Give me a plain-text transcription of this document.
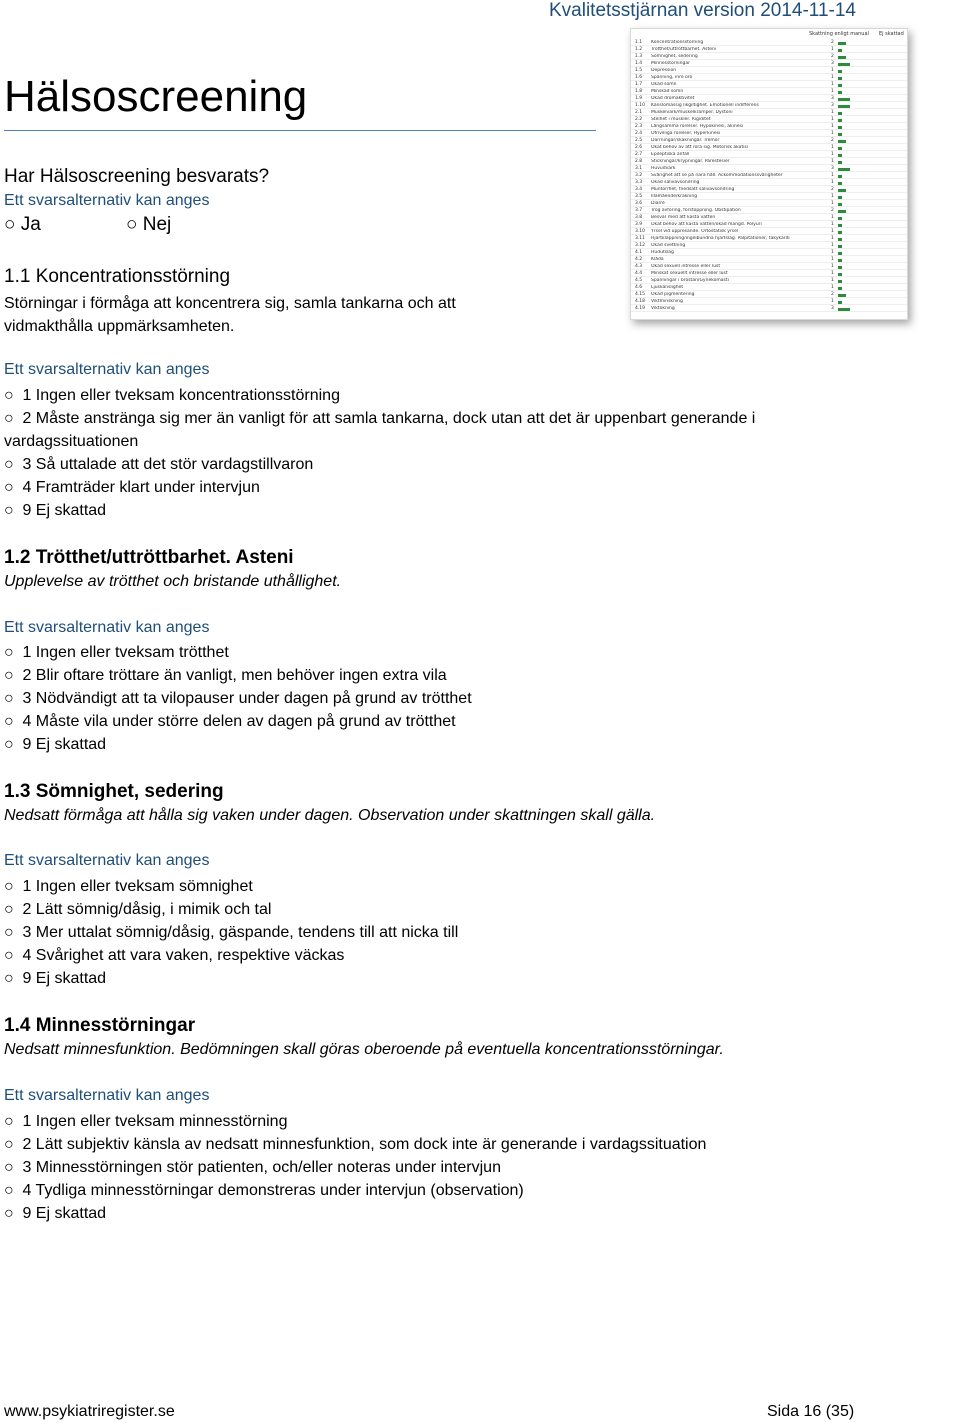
Kvalitetsstjärnan version 2014-11-14
Hälsoscreening
Har Hälsoscreening besvarats?
Ett svarsalternativ kan anges
○ Ja	○ Nej
Skattning enligt manual Ej skattad
1.1 Koncentrationsstörning	2
1.2 Trötthet/uttröttbarhet. Asteni	1
1.3 Sömnighet, sedering	2
1.4 Minnesstörningar	3
1.5 Depression	1
1.6 Spänning, inre oro	1
1.7 Ökad sömn	1
1.8 Minskad sömn	1
1.9 Ökad drömaktivitet	3
1.10 Känslomässig likgiltighet. Emotionell indifferens	3
2.1 Muskelvärk/muskelkramper. Dystoni	1
2.2 Stelhet i muskler. Rigiditet	1
2.3 Långsamma rörelser. Hypokinesi, akinesi	1
2.4 Ofrivilliga rörelser. Hyperkinesi	1
2.5 Darrningar/skakningar. Tremor	2
2.6 Ökat behov av att röra sig. Motorisk akatisi	1
2.7 Epileptiska anfall	1
2.8 Stickningar/krypningar. Parestesier	1
3.1 Huvudvärk	3
3.2 Svårighet att se på nära håll. Ackommodationssvårigheter	1
3.3 Ökad salivavsöndring	1
3.4 Muntorrhet, fnedsatt salivavsöndring	2
3.5 Illamående/kräkning	1
3.6 Diarré	1
3.7 Trög avföring, förstoppning. Obstipation	2
3.8 Besvär med att kasta vatten	1
3.9 Ökat behov att kasta vatten/ökad mängd. Polyuri	1
3.10 Yrsel vid uppresande. Ortostatisk yrsel	1
3.11 Hjärtklappning/ingelbundna hjärtslag. Palpitationer, takykardi	1
3.12 Ökad svettning	1
4.1 Hudutslag	1
4.2 Klåda	1
4.3 Ökad sexuell intresse eller lust	1
4.4 Minskat sexuellt intresse eller lust	1
4.5 Spänningar i bröstan/Gynekomasti	1
4.6 Ljuskänslighet	1
4.15 Ökad pigmentering	2
4.18 Viktminskning	1
4.19 Viktökning	3
1.1 Koncentrationsstörning
Störningar i förmåga att koncentrera sig, samla tankarna och att vidmakthålla uppmärksamheten.
Ett svarsalternativ kan anges
○ 1 Ingen eller tveksam koncentrationsstörning
○ 2 Måste anstränga sig mer än vanligt för att samla tankarna, dock utan att det är uppenbart generande i vardagssituationen
○ 3 Så uttalade att det stör vardagstillvaron
○ 4 Framträder klart under intervjun
○ 9 Ej skattad
1.2 Trötthet/uttröttbarhet. Asteni
Upplevelse av trötthet och bristande uthållighet.
Ett svarsalternativ kan anges
○ 1 Ingen eller tveksam trötthet
○ 2 Blir oftare tröttare än vanligt, men behöver ingen extra vila
○ 3 Nödvändigt att ta vilopauser under dagen på grund av trötthet
○ 4 Måste vila under större delen av dagen på grund av trötthet
○ 9 Ej skattad
1.3 Sömnighet, sedering
Nedsatt förmåga att hålla sig vaken under dagen. Observation under skattningen skall gälla.
Ett svarsalternativ kan anges
○ 1 Ingen eller tveksam sömnighet
○ 2 Lätt sömnig/dåsig, i mimik och tal
○ 3 Mer uttalat sömnig/dåsig, gäspande, tendens till att nicka till
○ 4 Svårighet att vara vaken, respektive väckas
○ 9 Ej skattad
1.4 Minnesstörningar
Nedsatt minnesfunktion. Bedömningen skall göras oberoende på eventuella koncentrationsstörningar.
Ett svarsalternativ kan anges
○ 1 Ingen eller tveksam minnesstörning
○ 2 Lätt subjektiv känsla av nedsatt minnesfunktion, som dock inte är generande i vardagssituation
○ 3 Minnesstörningen stör patienten, och/eller noteras under intervjun
○ 4 Tydliga minnesstörningar demonstreras under intervjun (observation)
○ 9 Ej skattad
www.psykiatriregister.se	Sida 16 (35)
